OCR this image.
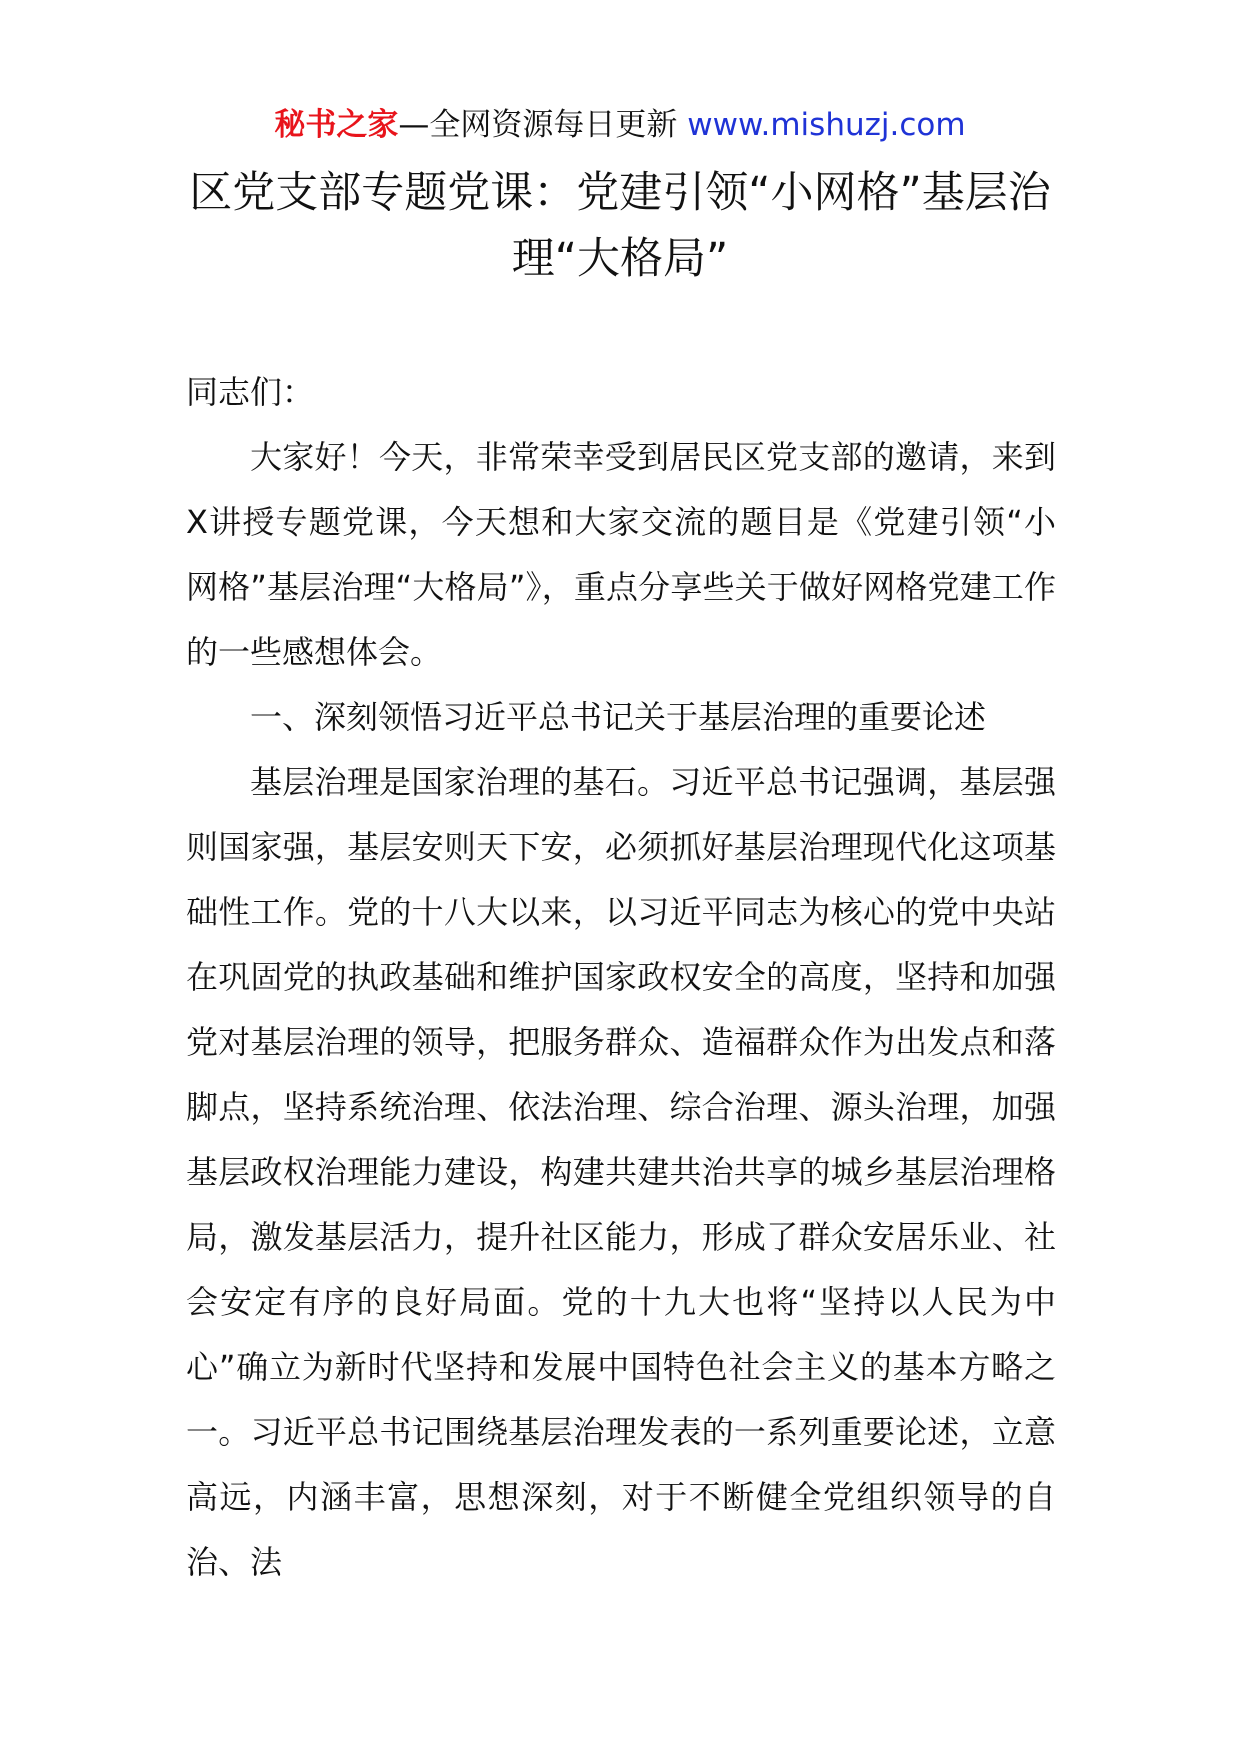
秘书之家—全网资源每日更新 www.mishuzj.com
区党支部专题党课：党建引领“小网格”基层治理“大格局”

同志们：

大家好！今天，非常荣幸受到居民区党支部的邀请，来到X讲授专题党课，今天想和大家交流的题目是《党建引领“小网格”基层治理“大格局”》，重点分享些关于做好网格党建工作的一些感想体会。

一、深刻领悟习近平总书记关于基层治理的重要论述

基层治理是国家治理的基石。习近平总书记强调，基层强则国家强，基层安则天下安，必须抓好基层治理现代化这项基础性工作。党的十八大以来，以习近平同志为核心的党中央站在巩固党的执政基础和维护国家政权安全的高度，坚持和加强党对基层治理的领导，把服务群众、造福群众作为出发点和落脚点，坚持系统治理、依法治理、综合治理、源头治理，加强基层政权治理能力建设，构建共建共治共享的城乡基层治理格局，激发基层活力，提升社区能力，形成了群众安居乐业、社会安定有序的良好局面。党的十九大也将“坚持以人民为中心”确立为新时代坚持和发展中国特色社会主义的基本方略之一。习近平总书记围绕基层治理发表的一系列重要论述，立意高远，内涵丰富，思想深刻，对于不断健全党组织领导的自治、法
